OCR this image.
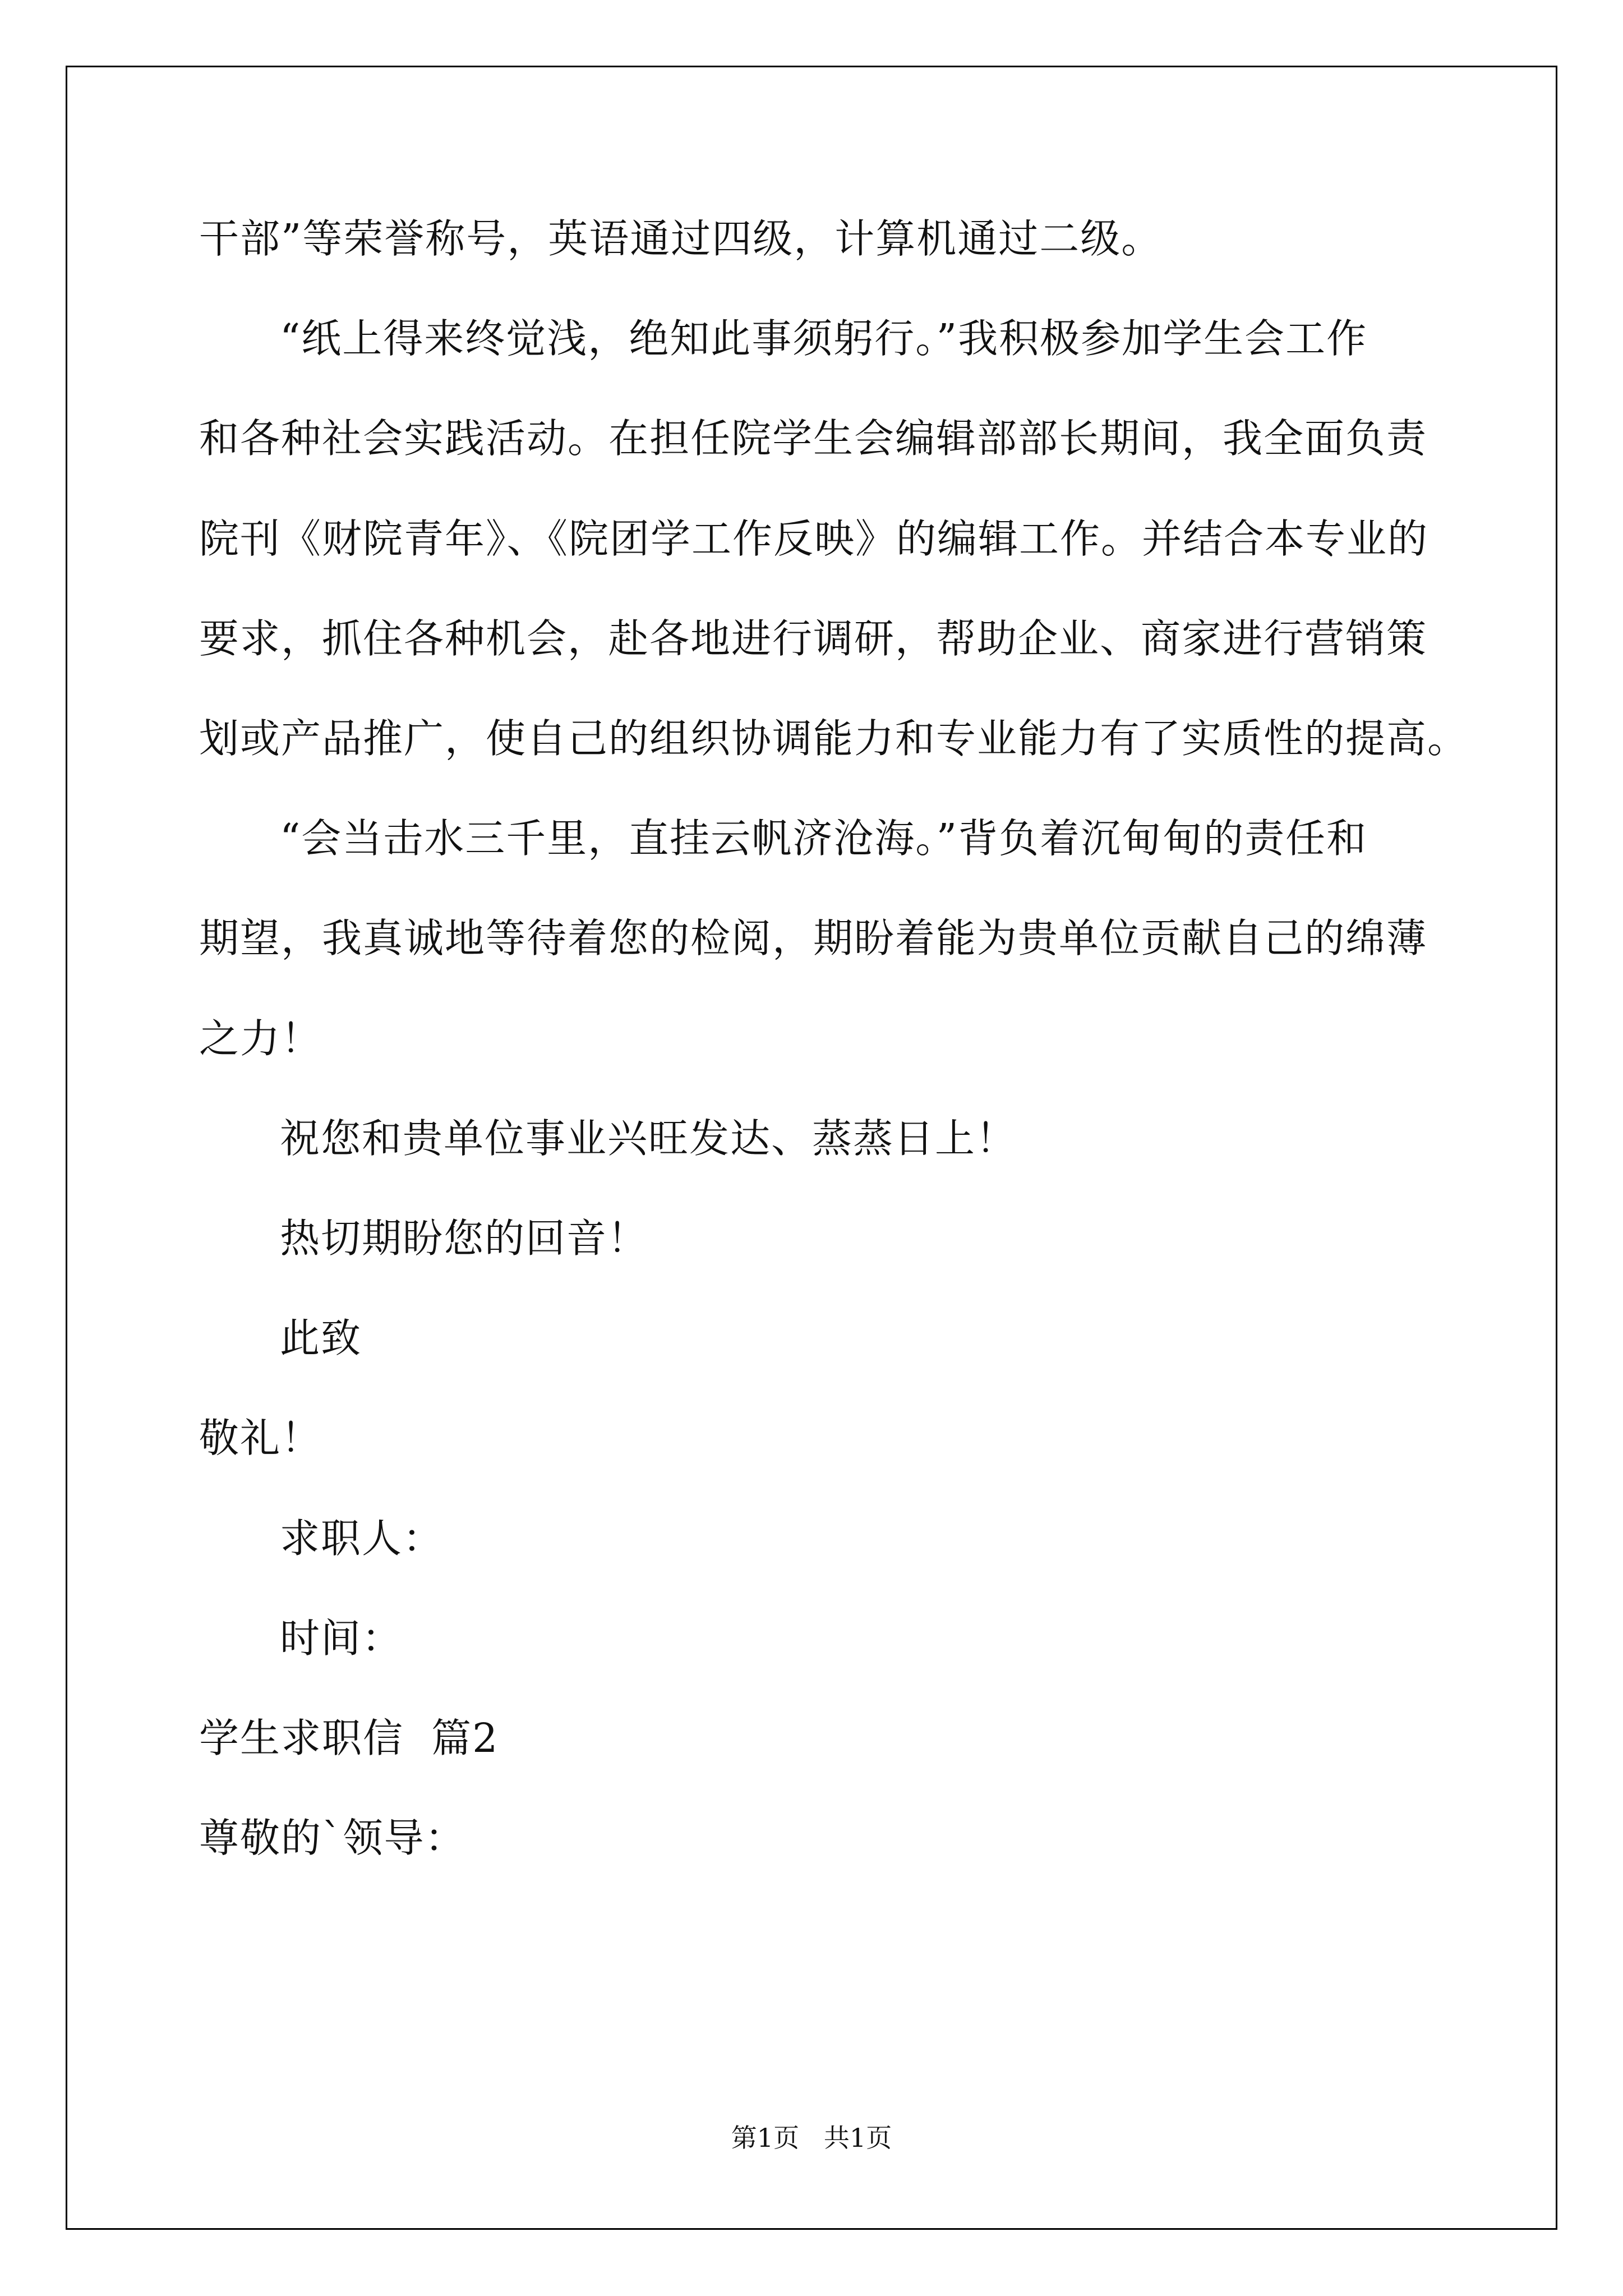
干部”等荣誉称号，英语通过四级，计算机通过二级。
“纸上得来终觉浅，绝知此事须躬行。”我积极参加学生会工作
和各种社会实践活动。在担任院学生会编辑部部长期间，我全面负责
院刊《财院青年》、《院团学工作反映》的编辑工作。并结合本专业的
要求，抓住各种机会，赴各地进行调研，帮助企业、商家进行营销策
划或产品推广，使自己的组织协调能力和专业能力有了实质性的提高。
“会当击水三千里，直挂云帆济沧海。”背负着沉甸甸的责任和
期望，我真诚地等待着您的检阅，期盼着能为贵单位贡献自己的绵薄
之力！
祝您和贵单位事业兴旺发达、蒸蒸日上！
热切期盼您的回音！
此致
敬礼！
求职人：
时间：
学生求职信  篇2
尊敬的`领导：
第1页   共1页
